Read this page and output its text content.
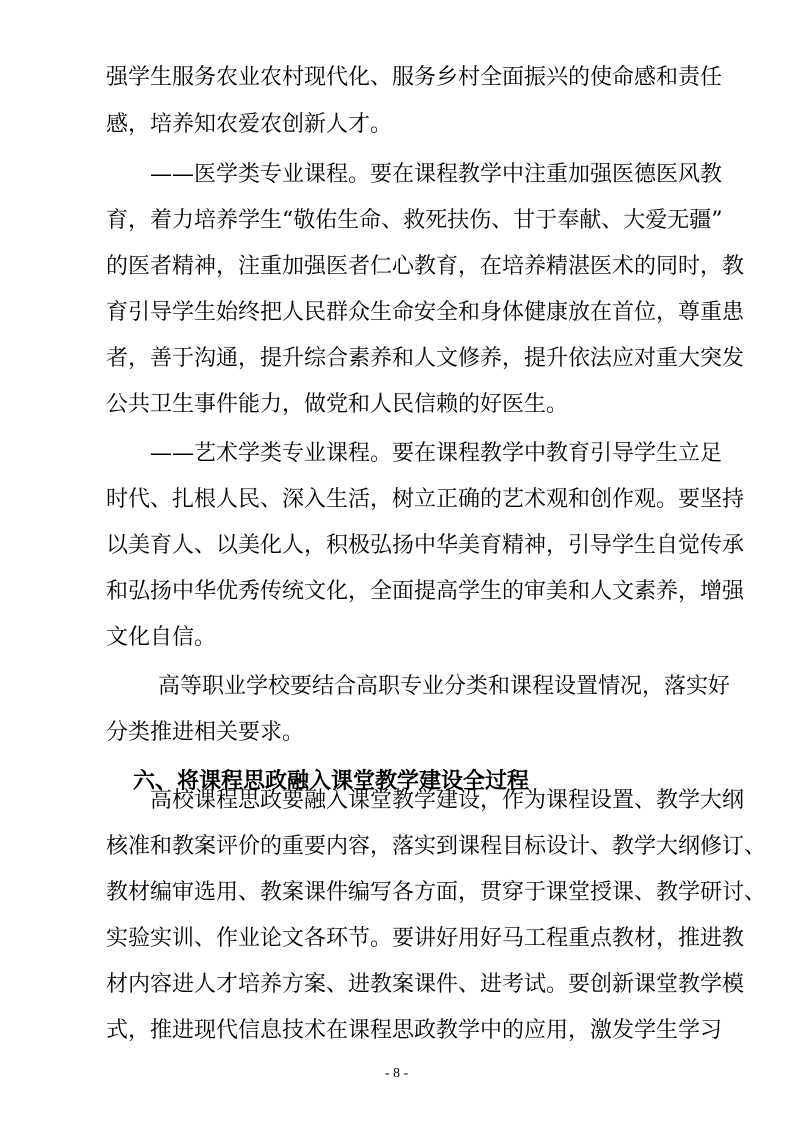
强学生服务农业农村现代化、服务乡村全面振兴的使命感和责任
感，培养知农爱农创新人才。
——医学类专业课程。要在课程教学中注重加强医德医风教
育，着力培养学生“敬佑生命、救死扶伤、甘于奉献、大爱无疆”
的医者精神，注重加强医者仁心教育，在培养精湛医术的同时，教
育引导学生始终把人民群众生命安全和身体健康放在首位，尊重患
者，善于沟通，提升综合素养和人文修养，提升依法应对重大突发
公共卫生事件能力，做党和人民信赖的好医生。
——艺术学类专业课程。要在课程教学中教育引导学生立足
时代、扎根人民、深入生活，树立正确的艺术观和创作观。要坚持
以美育人、以美化人，积极弘扬中华美育精神，引导学生自觉传承
和弘扬中华优秀传统文化，全面提高学生的审美和人文素养，增强
文化自信。
高等职业学校要结合高职专业分类和课程设置情况，落实好
分类推进相关要求。
六、将课程思政融入课堂教学建设全过程
高校课程思政要融入课堂教学建设，作为课程设置、教学大纲
核准和教案评价的重要内容，落实到课程目标设计、教学大纲修订、
教材编审选用、教案课件编写各方面，贯穿于课堂授课、教学研讨、
实验实训、作业论文各环节。要讲好用好马工程重点教材，推进教
- 8 -
材内容进人才培养方案、进教案课件、进考试。要创新课堂教学模
式，推进现代信息技术在课程思政教学中的应用，激发学生学习
